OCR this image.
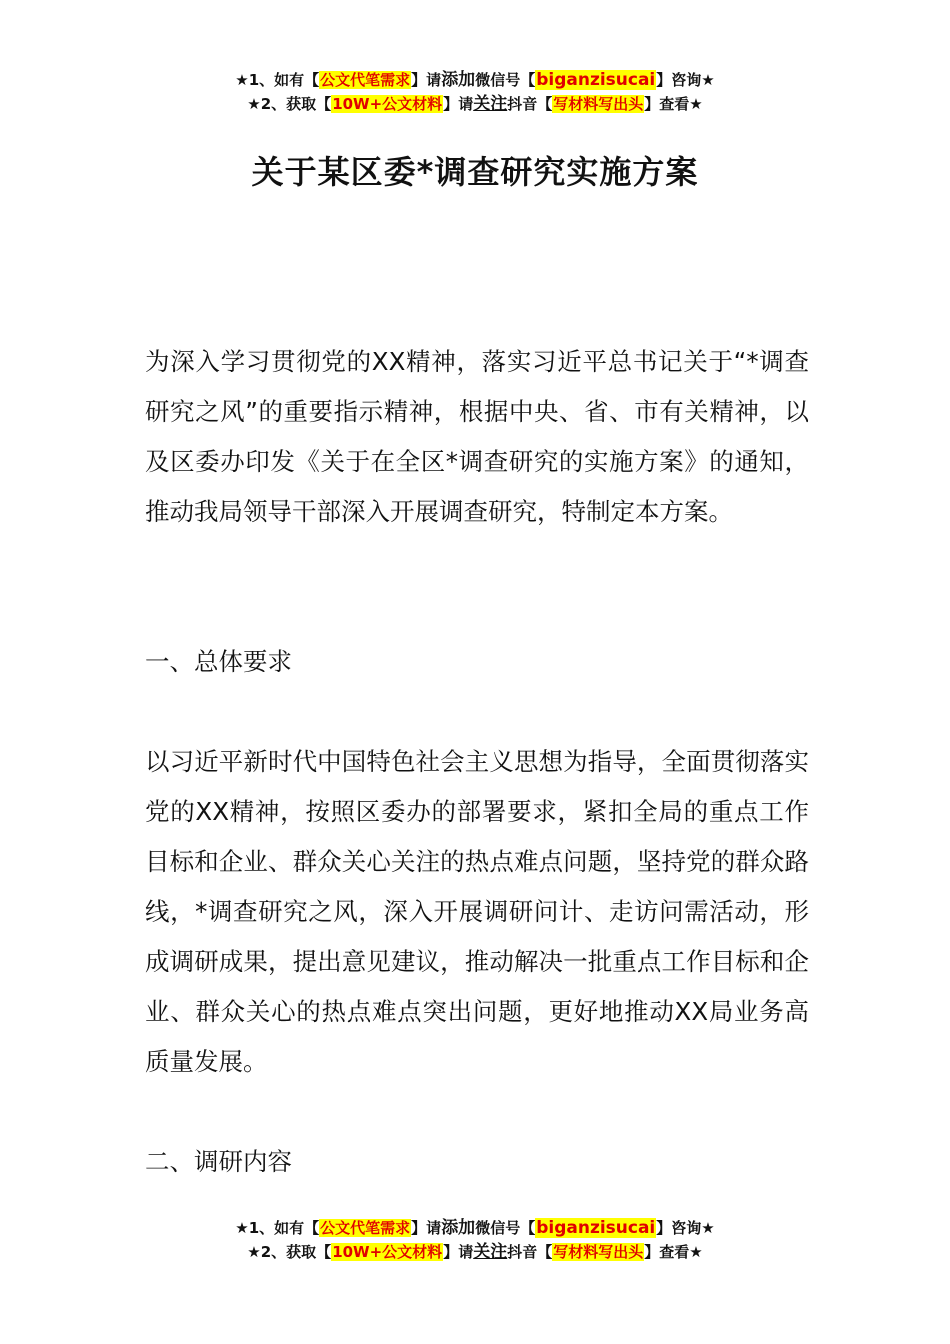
★1、如有【公文代笔需求】请添加微信号【biganzisucai】咨询★
★2、获取【10W+公文材料】请关注抖音【写材料写出头】查看★
关于某区委*调查研究实施方案

为深入学习贯彻党的XX精神，落实习近平总书记关于“*调查研究之风”的重要指示精神，根据中央、省、市有关精神，以及区委办印发《关于在全区*调查研究的实施方案》的通知，推动我局领导干部深入开展调查研究，特制定本方案。

一、总体要求

以习近平新时代中国特色社会主义思想为指导，全面贯彻落实党的XX精神，按照区委办的部署要求，紧扣全局的重点工作目标和企业、群众关心关注的热点难点问题，坚持党的群众路线，*调查研究之风，深入开展调研问计、走访问需活动，形成调研成果，提出意见建议，推动解决一批重点工作目标和企业、群众关心的热点难点突出问题，更好地推动XX局业务高质量发展。

二、调研内容

★1、如有【公文代笔需求】请添加微信号【biganzisucai】咨询★
★2、获取【10W+公文材料】请关注抖音【写材料写出头】查看★
